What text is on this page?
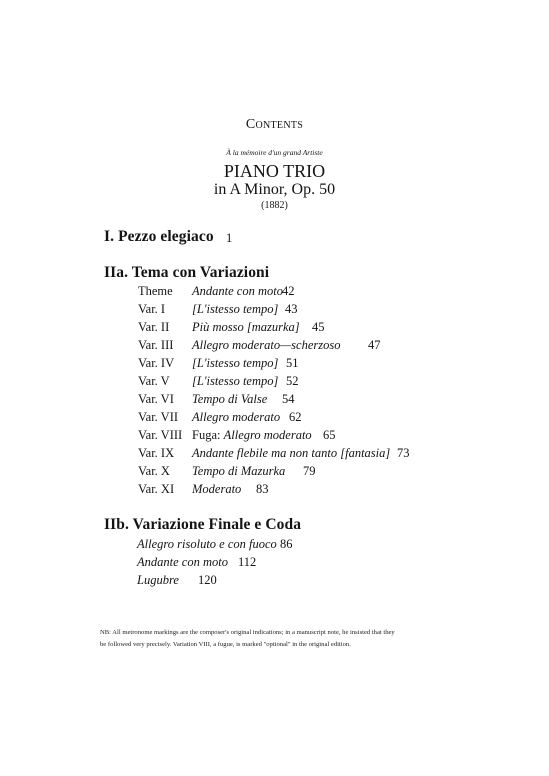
Contents
À la mémoire d'un grand Artiste
PIANO TRIO
in A Minor, Op. 50
(1882)
I. Pezzo elegiaco 1
IIa. Tema con Variazioni
Theme Andante con moto 42
Var. I [L'istesso tempo] 43
Var. II Più mosso [mazurka] 45
Var. III Allegro moderato—scherzoso 47
Var. IV [L'istesso tempo] 51
Var. V [L'istesso tempo] 52
Var. VI Tempo di Valse 54
Var. VII Allegro moderato 62
Var. VIII Fuga: Allegro moderato 65
Var. IX Andante flebile ma non tanto [fantasia] 73
Var. X Tempo di Mazurka 79
Var. XI Moderato 83
IIb. Variazione Finale e Coda
Allegro risoluto e con fuoco 86
Andante con moto 112
Lugubre 120
NB: All metronome markings are the composer's original indications; in a manuscript note, he insisted that they
be followed very precisely. Variation VIII, a fugue, is marked "optional" in the original edition.
